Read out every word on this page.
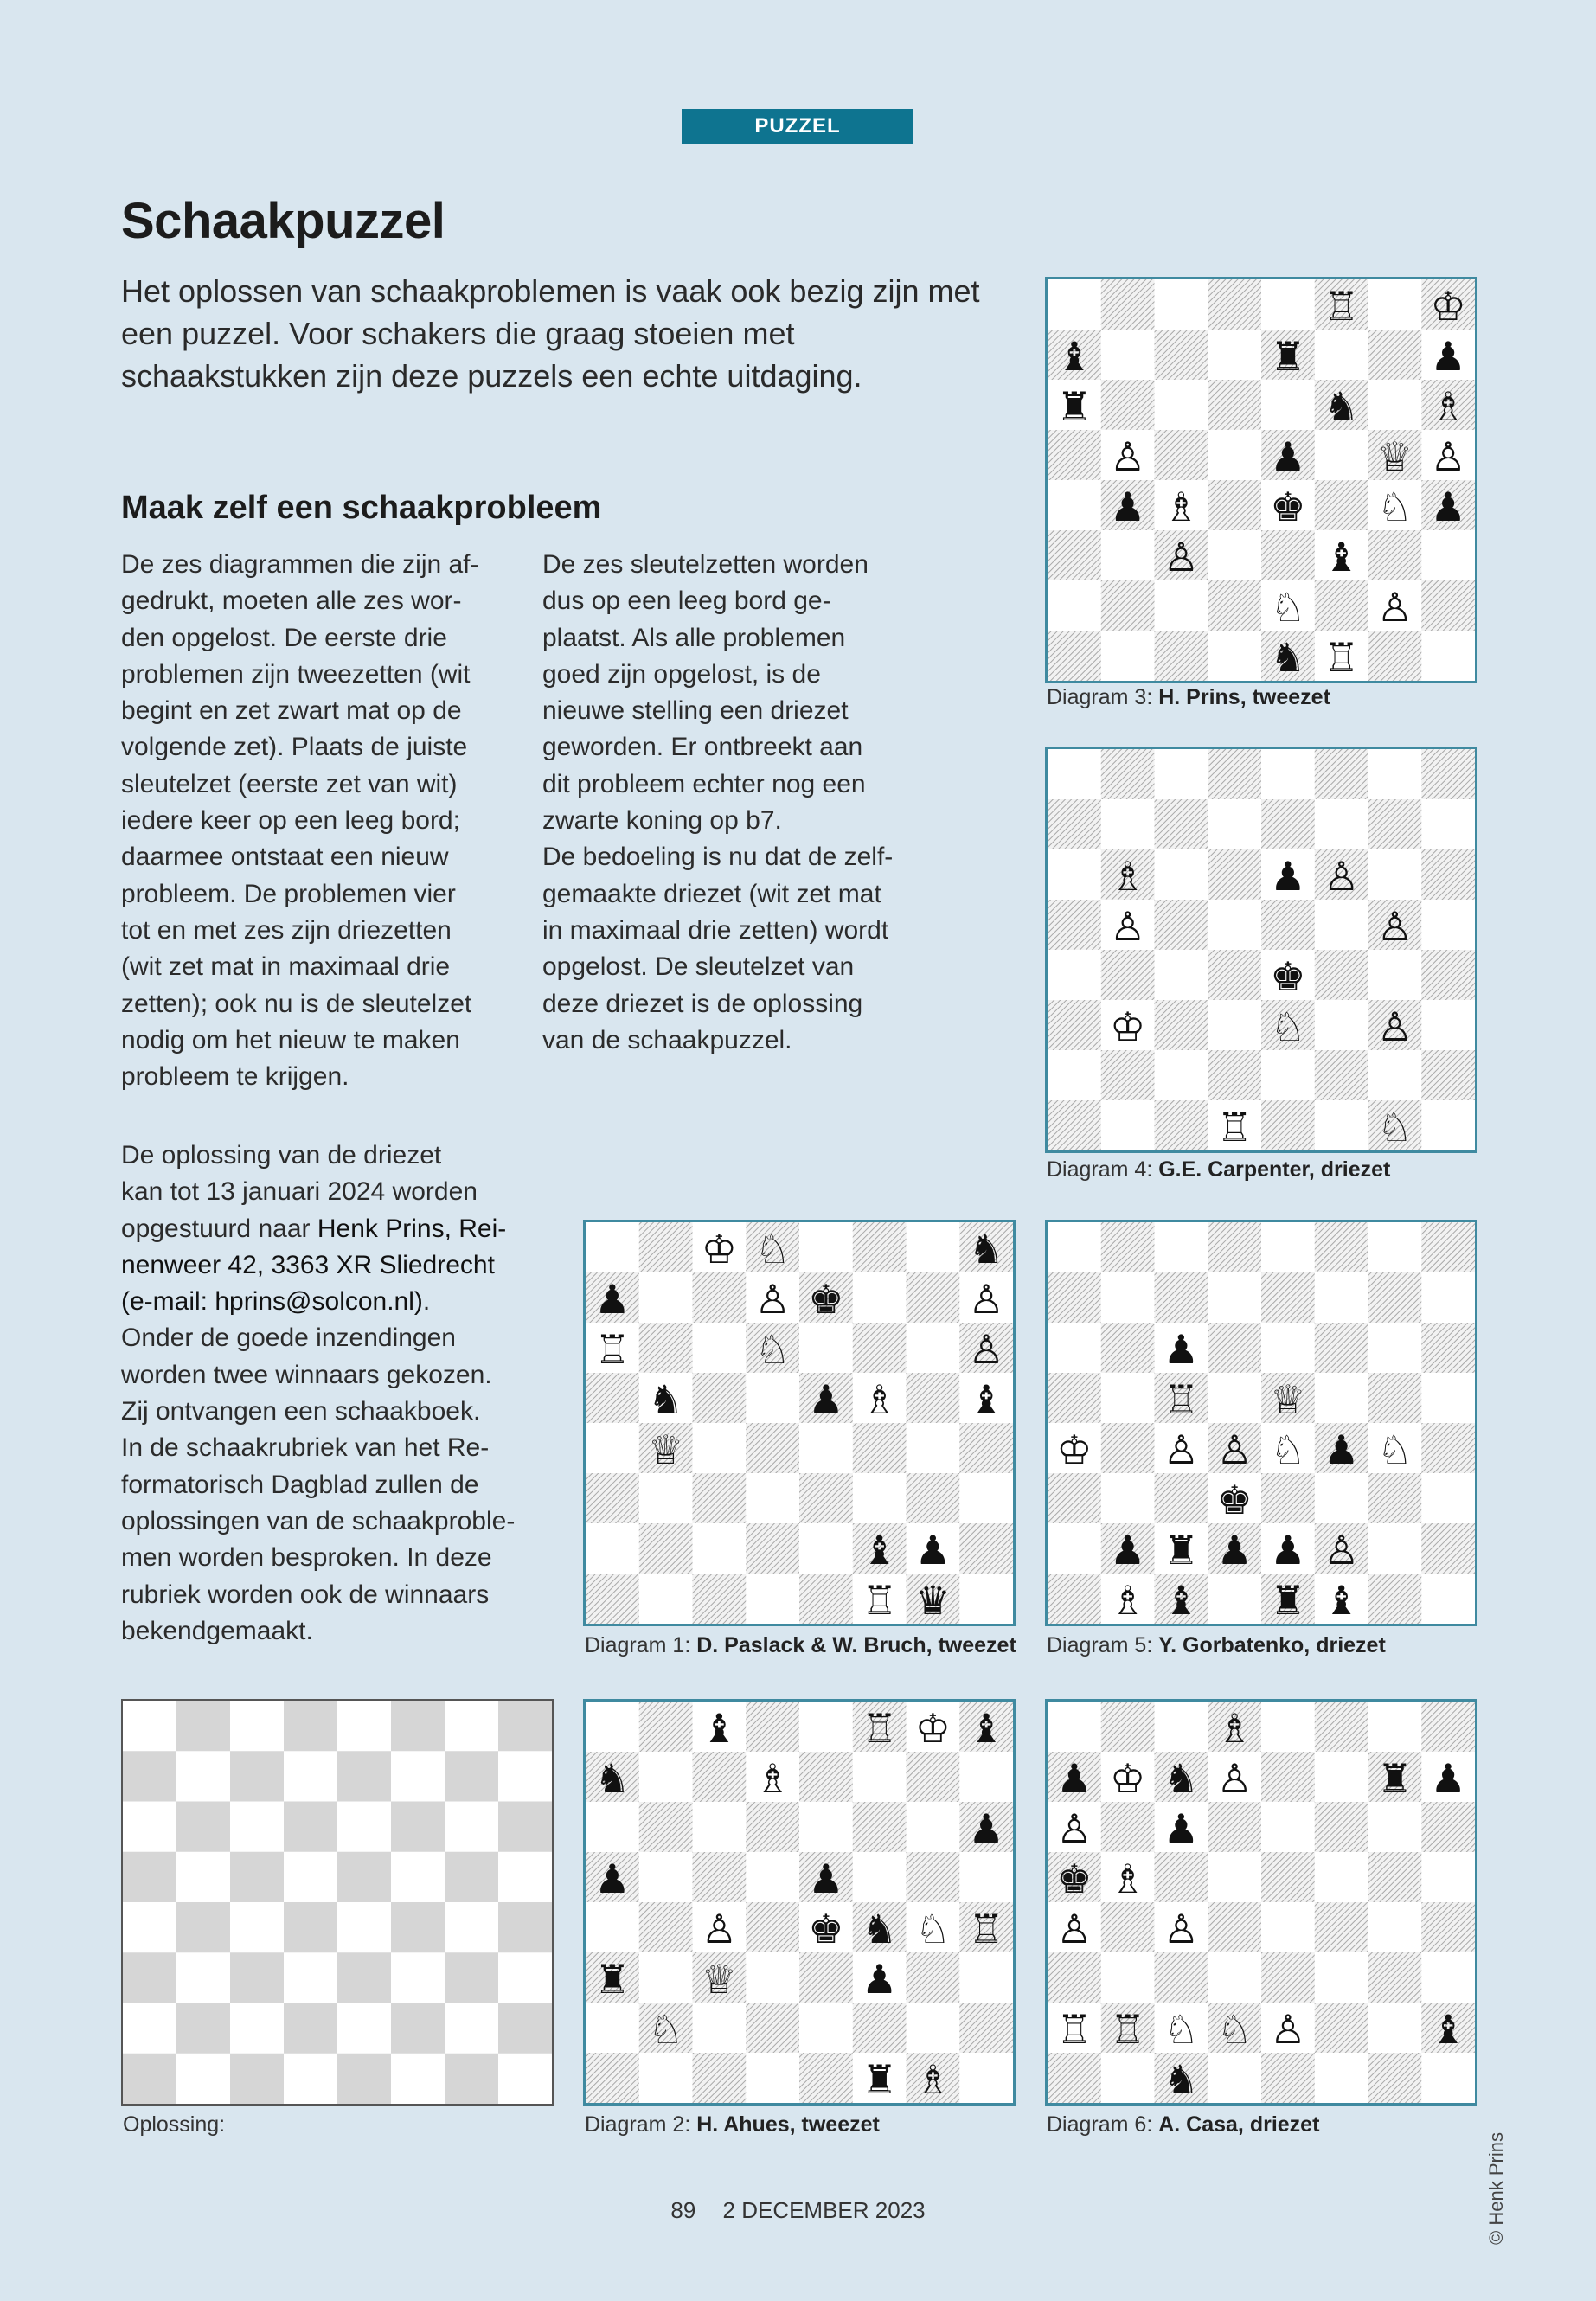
PUZZEL
Schaakpuzzel
Het oplossen van schaakproblemen is vaak ook bezig zijn met een puzzel. Voor schakers die graag stoeien met schaakstukken zijn deze puzzels een echte uitdaging.
Maak zelf een schaakprobleem
De zes diagrammen die zijn af-
gedrukt, moeten alle zes wor-
den opgelost. De eerste drie
problemen zijn tweezetten (wit
begint en zet zwart mat op de
volgende zet). Plaats de juiste
sleutelzet (eerste zet van wit)
iedere keer op een leeg bord;
daarmee ontstaat een nieuw
probleem. De problemen vier
tot en met zes zijn driezetten
(wit zet mat in maximaal drie
zetten); ook nu is de sleutelzet
nodig om het nieuw te maken
probleem te krijgen.
De zes sleutelzetten worden
dus op een leeg bord ge-
plaatst. Als alle problemen
goed zijn opgelost, is de
nieuwe stelling een driezet
geworden. Er ontbreekt aan
dit probleem echter nog een
zwarte koning op b7.
De bedoeling is nu dat de zelf-
gemaakte driezet (wit zet mat
in maximaal drie zetten) wordt
opgelost. De sleutelzet van
deze driezet is de oplossing
van de schaakpuzzel.
De oplossing van de driezet
kan tot 13 januari 2024 worden
opgestuurd naar Henk Prins, Rei-
nenweer 42, 3363 XR Sliedrecht
(e-mail: hprins@solcon.nl).
Onder de goede inzendingen
worden twee winnaars gekozen.
Zij ontvangen een schaakboek.
In de schaakrubriek van het Re-
formatorisch Dagblad zullen de
oplossingen van de schaakproble-
men worden besproken. In deze
rubriek worden ook de winnaars
bekendgemaakt.
♖ ♔
♝	♜	♟
♜	♞ ♗
♙	♟ ♕ ♙
♟ ♗ ♚ ♘ ♟
♙	♝
♘ ♙
♞ ♖
Diagram 3: H. Prins, tweezet
♗	♟ ♙
♙	♙
♚
♔	♘ ♙
♖	♘
Diagram 4: G.E. Carpenter, driezet
♔ ♘	♞
♟	♙ ♚	♙
♖	♘	♙
♞	♟ ♗ ♝
♕
♝ ♟
♖ ♛
Diagram 1: D. Paslack & W. Bruch, tweezet
♟
♖ ♕
♔ ♙ ♙ ♘ ♟ ♘
♚
♟ ♜ ♟ ♟ ♙
♗ ♝ ♜ ♝
Diagram 5: Y. Gorbatenko, driezet
Oplossing:
♝	♖ ♔ ♝
♞	♗
♟
♟	♟
♙ ♚ ♞ ♘ ♖
♜ ♕	♟
♘
♜ ♗
Diagram 2: H. Ahues, tweezet
♗
♟ ♔ ♞ ♙	♜ ♟
♙ ♟
♚ ♗
♙ ♙
♖ ♖ ♘ ♘ ♙	♝
♞
Diagram 6: A. Casa, driezet
© Henk Prins
89 2 DECEMBER 2023
